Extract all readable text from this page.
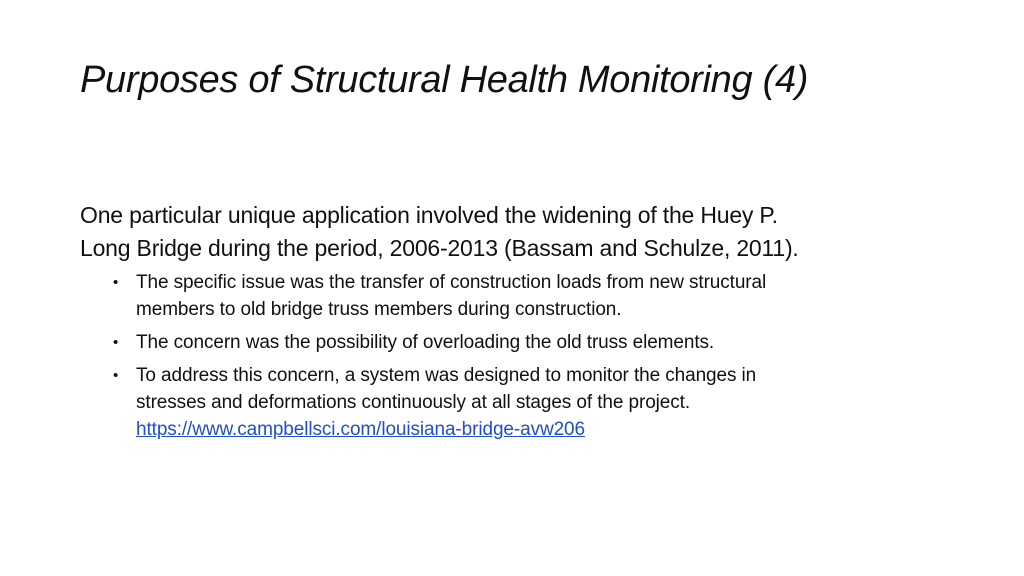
Purposes of Structural Health Monitoring (4)

One particular unique application involved the widening of the Huey P.
Long Bridge during the period, 2006-2013 (Bassam and Schulze, 2011).

• The specific issue was the transfer of construction loads from new structural
members to old bridge truss members during construction.
• The concern was the possibility of overloading the old truss elements.
• To address this concern, a system was designed to monitor the changes in
stresses and deformations continuously at all stages of the project.
https://www.campbellsci.com/louisiana-bridge-avw206
